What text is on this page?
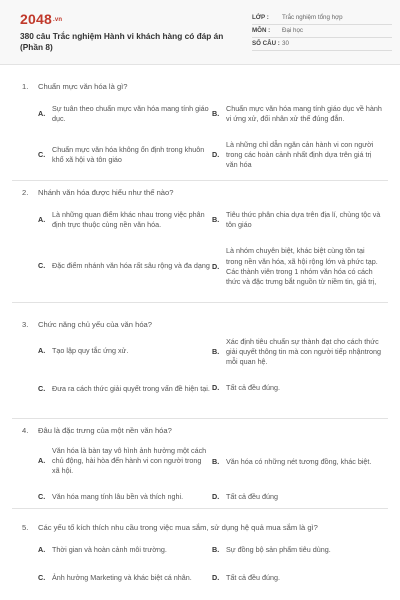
2048.vn
380 câu Trắc nghiệm Hành vi khách hàng có đáp án (Phần 8)
LỚP :	Trắc nghiệm tổng hợp
MÔN :	Đại học
SỐ CÂU : 30
1. Chuẩn mực văn hóa là gì?
A.
Sự tuân theo chuẩn mực văn hóa mang tính giáo dục.
B.
Chuẩn mực văn hóa mang tính giáo dục về hành vi ứng xử, đối nhân xử thế đúng đắn.
C.
Chuẩn mực văn hóa không ổn định trong khuôn khổ xã hội và tôn giáo
D.
Là những chỉ dẫn ngăn cản hành vi con người trong các hoàn cảnh nhất định dựa trên giá trị văn hóa
2. Nhánh văn hóa được hiểu như thế nào?
A.
Là những quan điểm khác nhau trong việc phân định trực thuộc cùng nền văn hóa.
B.
Tiêu thức phân chia dựa trên địa lí, chủng tộc và tôn giáo
C. Đặc điểm nhánh văn hóa rất sâu rộng và đa dạng D.
Là nhóm chuyên biệt, khác biệt cùng tồn tại trong nền văn hóa, xã hội rộng lớn và phức tạp. Các thành viên trong 1 nhóm văn hóa có cách thức và đặc trưng bắt nguồn từ niềm tin, giá trị,
3. Chức năng chủ yếu của văn hóa?
A. Tạo lập quy tắc ứng xử.	B.
Xác định tiêu chuẩn sự thành đạt cho cách thức giải quyết thông tin mà con người tiếp nhậntrong mỗi quan hệ.
C. Đưa ra cách thức giải quyết trong vấn đề hiện tại. D. Tất cả đều đúng.
4. Đâu là đặc trưng của một nền văn hóa?
A.
Văn hóa là bàn tay vô hình ảnh hưởng một cách chủ động, hài hòa đến hành vi con người trong xã hội.
B. Văn hóa có những nét tương đồng, khác biệt.
C. Văn hóa mang tính lâu bền và thích nghi.	D. Tất cả đều đúng
5. Các yếu tố kích thích nhu cầu trong việc mua sắm, sử dụng hệ quả mua sắm là gì?
A. Thời gian và hoàn cảnh môi trường.	B. Sự đồng bộ sản phẩm tiêu dùng.
C. Ảnh hưởng Marketing và khác biệt cá nhân.	D. Tất cả đều đúng.
